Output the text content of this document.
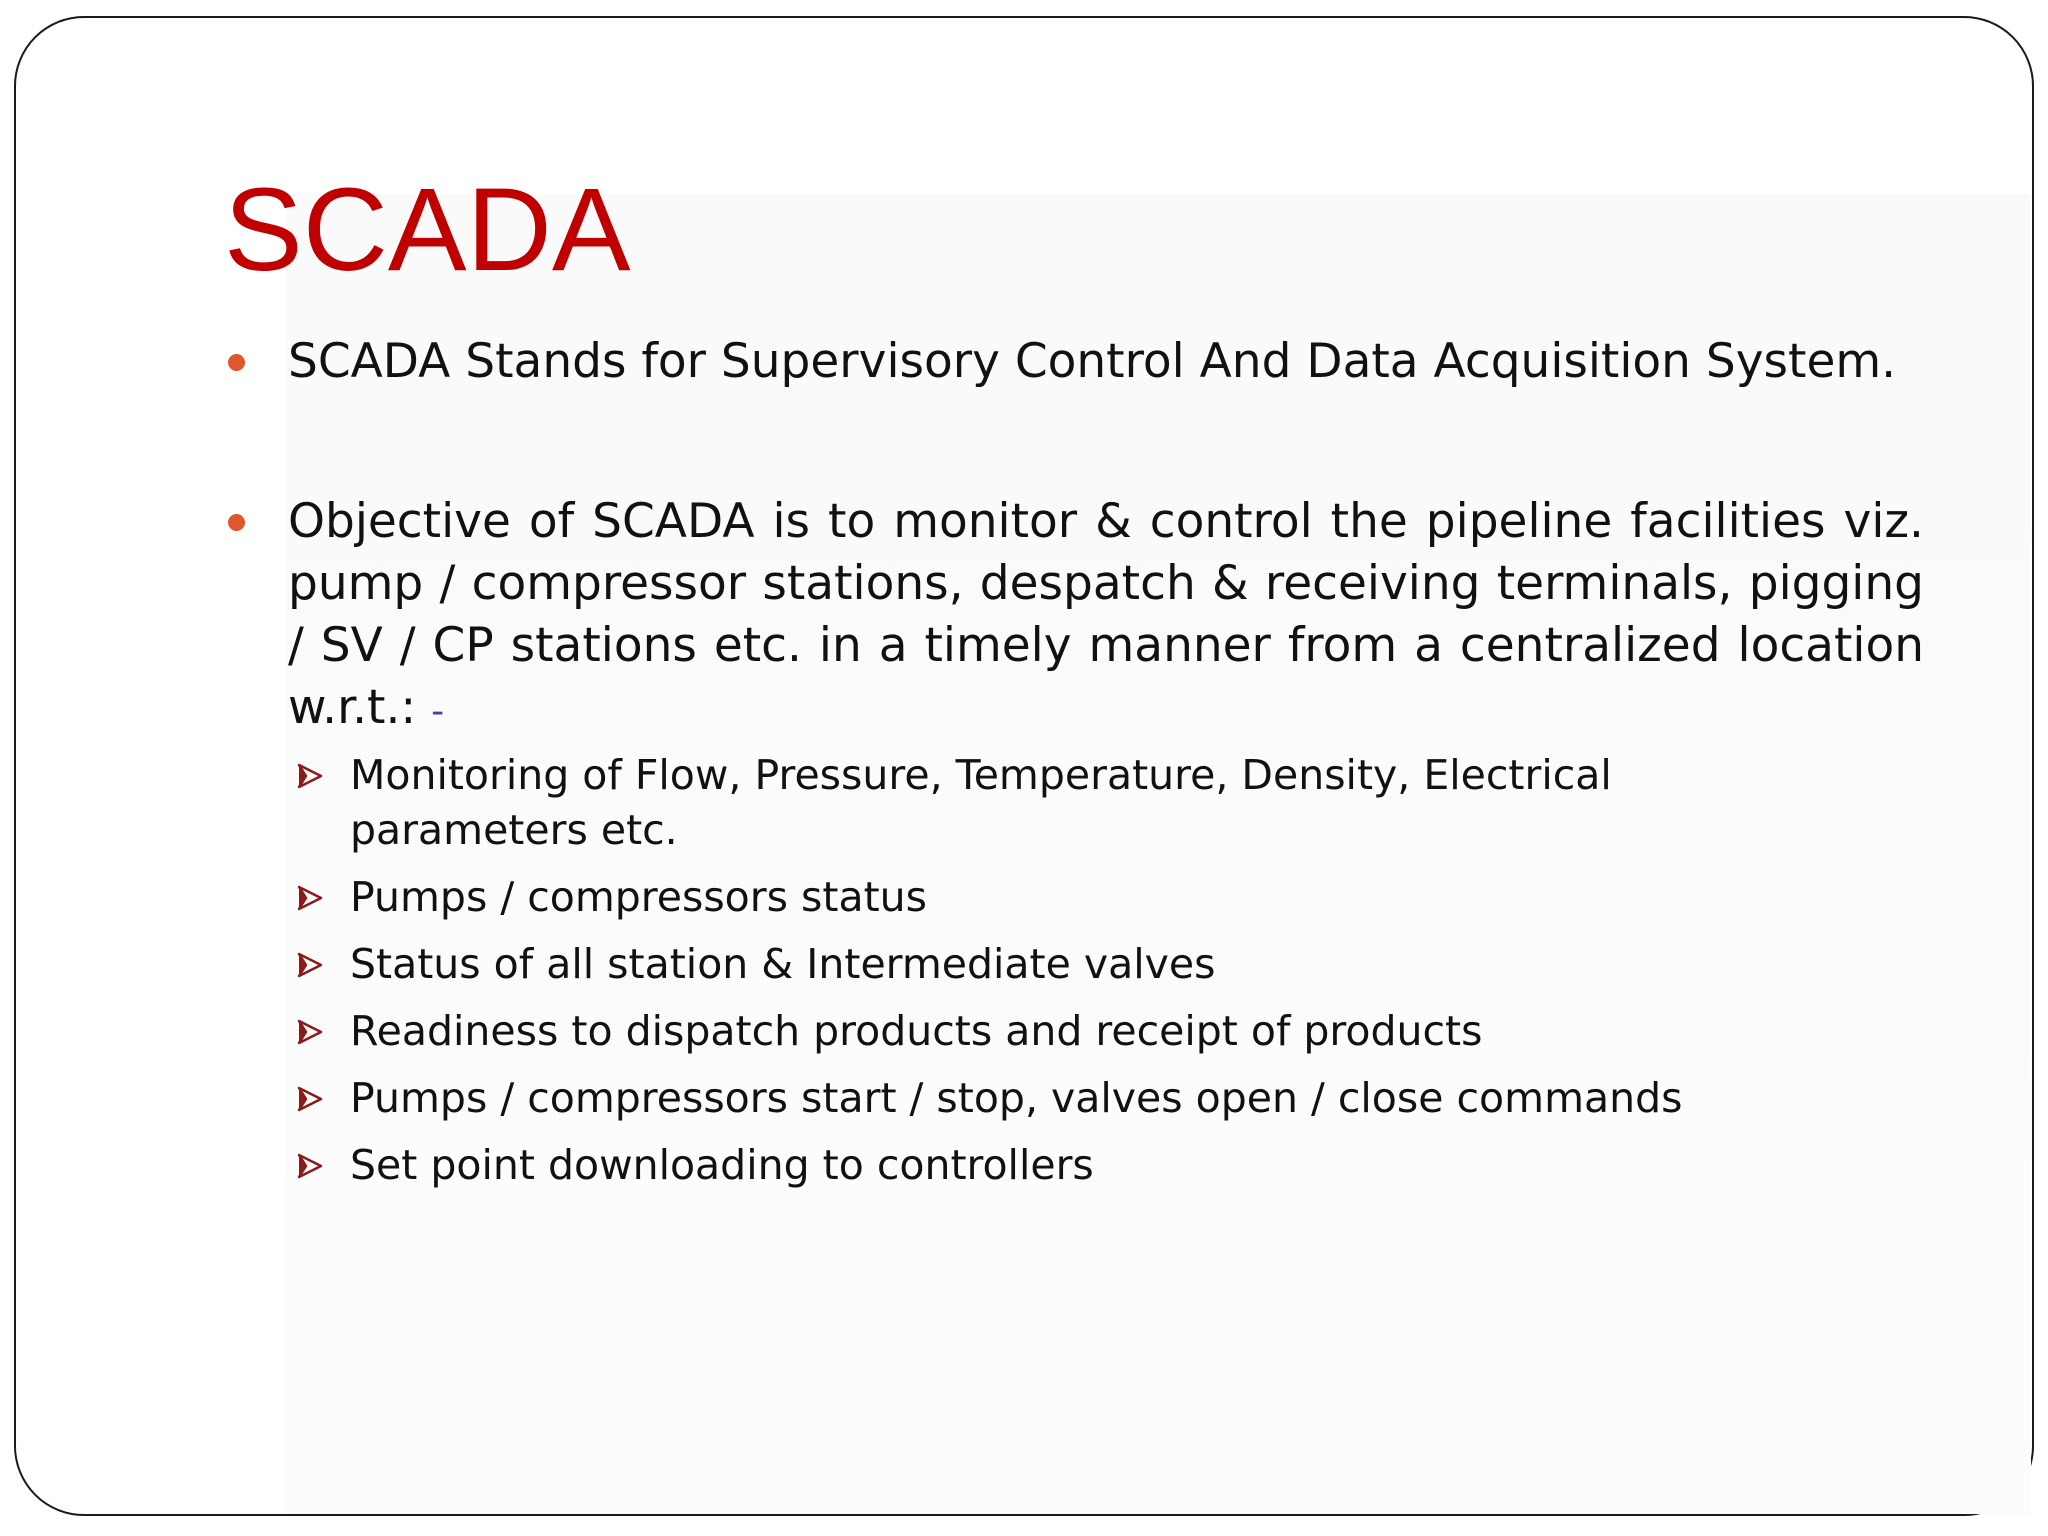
SCADA

SCADA Stands for Supervisory Control And Data Acquisition System.

Objective of SCADA is to monitor & control the pipeline facilities viz. pump / compressor stations, despatch & receiving terminals, pigging / SV / CP stations etc. in a timely manner from a centralized location w.r.t.: -

Monitoring of Flow, Pressure, Temperature, Density, Electrical parameters etc.
Pumps / compressors status
Status of all station & Intermediate valves
Readiness to dispatch products and receipt of products
Pumps / compressors start / stop, valves open / close commands
Set point downloading to controllers
